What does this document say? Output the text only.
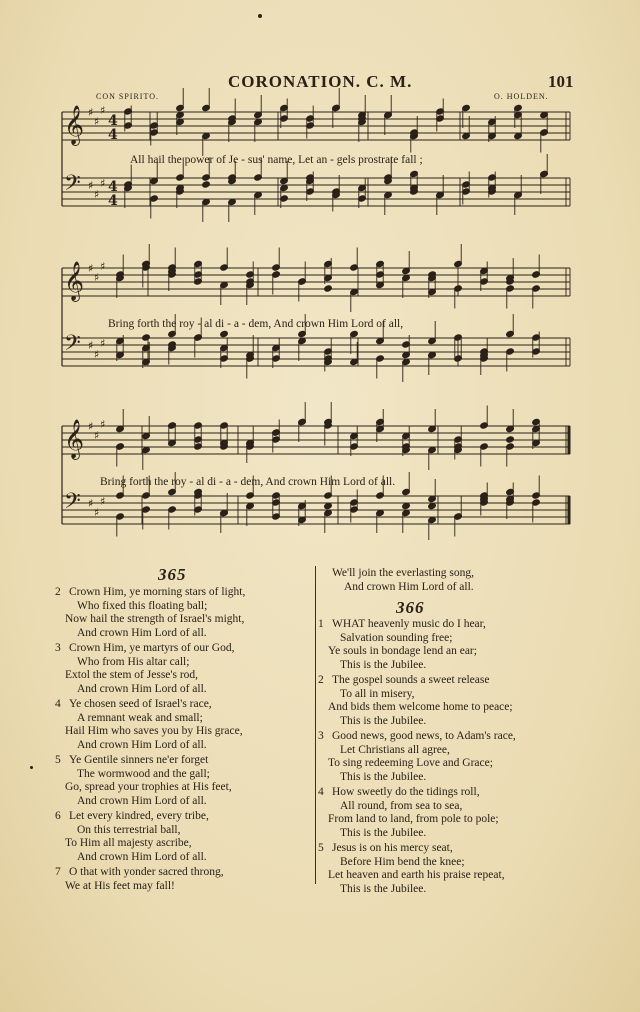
CORONATION. C. M.	101
CON SPIRITO.	O. HOLDEN.
𝄞 ♯
♯
♯
4
4
𝄢 ♯
♯
♯ 4
4
𝄞 ♯
♯
♯
𝄢 ♯
♯
♯
𝄞 ♯
♯
♯
𝄢 ♯
♯
♯
All hail the power of Je - sus' name, Let an - gels prostrate fall ;
Bring forth the roy - al di - a - dem, And crown Him Lord of all,
Bring forth the roy - al di - a - dem, And crown Him Lord of all.
365
2 Crown Him, ye morning stars of light,
Who fixed this floating ball;
Now hail the strength of Israel's might,
And crown Him Lord of all.
3 Crown Him, ye martyrs of our God,
Who from His altar call;
Extol the stem of Jesse's rod,
And crown Him Lord of all.
4 Ye chosen seed of Israel's race,
A remnant weak and small;
Hail Him who saves you by His grace,
And crown Him Lord of all.
5 Ye Gentile sinners ne'er forget
The wormwood and the gall;
Go, spread your trophies at His feet,
And crown Him Lord of all.
6 Let every kindred, every tribe,
On this terrestrial ball,
To Him all majesty ascribe,
And crown Him Lord of all.
7 O that with yonder sacred throng,
We at His feet may fall!
We'll join the everlasting song,
And crown Him Lord of all.
366
1 WHAT heavenly music do I hear,
Salvation sounding free;
Ye souls in bondage lend an ear;
This is the Jubilee.
2 The gospel sounds a sweet release
To all in misery,
And bids them welcome home to peace;
This is the Jubilee.
3 Good news, good news, to Adam's race,
Let Christians all agree,
To sing redeeming Love and Grace;
This is the Jubilee.
4 How sweetly do the tidings roll,
All round, from sea to sea,
From land to land, from pole to pole;
This is the Jubilee.
5 Jesus is on his mercy seat,
Before Him bend the knee;
Let heaven and earth his praise repeat,
This is the Jubilee.
